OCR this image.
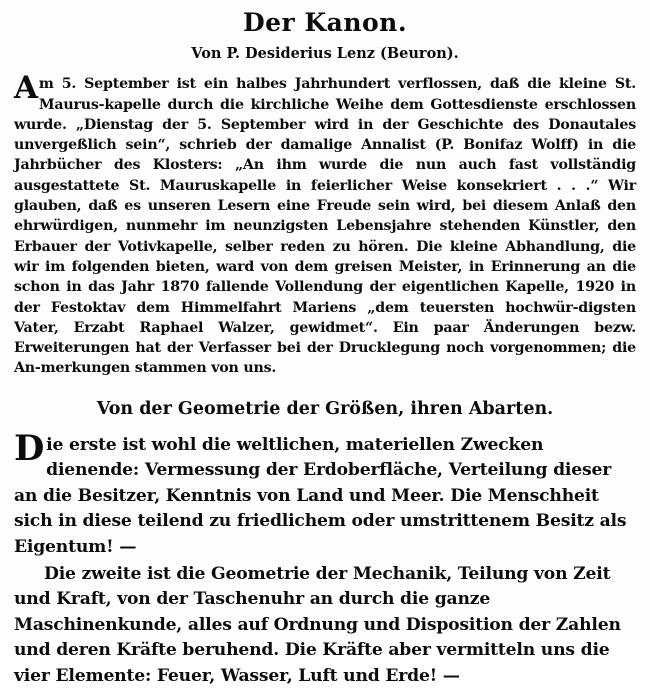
Der Kanon.
Von P. Desiderius Lenz (Beuron).
Am 5. September ist ein halbes Jahrhundert verflossen, daß die kleine St. Maurus-kapelle durch die kirchliche Weihe dem Gottesdienste erschlossen wurde. „Dienstag der 5. September wird in der Geschichte des Donautales unvergeßlich sein“, schrieb der damalige Annalist (P. Bonifaz Wolff) in die Jahrbücher des Klosters: „An ihm wurde die nun auch fast vollständig ausgestattete St. Mauruskapelle in feierlicher Weise konsekriert . . .“ Wir glauben, daß es unseren Lesern eine Freude sein wird, bei diesem Anlaß den ehrwürdigen, nunmehr im neunzigsten Lebensjahre stehenden Künstler, den Erbauer der Votivkapelle, selber reden zu hören. Die kleine Abhandlung, die wir im folgenden bieten, ward von dem greisen Meister, in Erinnerung an die schon in das Jahr 1870 fallende Vollendung der eigentlichen Kapelle, 1920 in der Festoktav dem Himmelfahrt Mariens „dem teuersten hochwür-digsten Vater, Erzabt Raphael Walzer, gewidmet“. Ein paar Änderungen bezw. Erweiterungen hat der Verfasser bei der Drucklegung noch vorgenommen; die An-merkungen stammen von uns.
Von der Geometrie der Größen, ihren Abarten.

Die erste ist wohl die weltlichen, materiellen Zwecken dienende: Vermessung der Erdoberfläche, Verteilung dieser an die Besitzer, Kenntnis von Land und Meer. Die Menschheit sich in diese teilend zu friedlichem oder umstrittenem Besitz als Eigentum! —

Die zweite ist die Geometrie der Mechanik, Teilung von Zeit und Kraft, von der Taschenuhr an durch die ganze Maschinenkunde, alles auf Ordnung und Disposition der Zahlen und deren Kräfte beruhend. Die Kräfte aber vermitteln uns die vier Elemente: Feuer, Wasser, Luft und Erde! —
